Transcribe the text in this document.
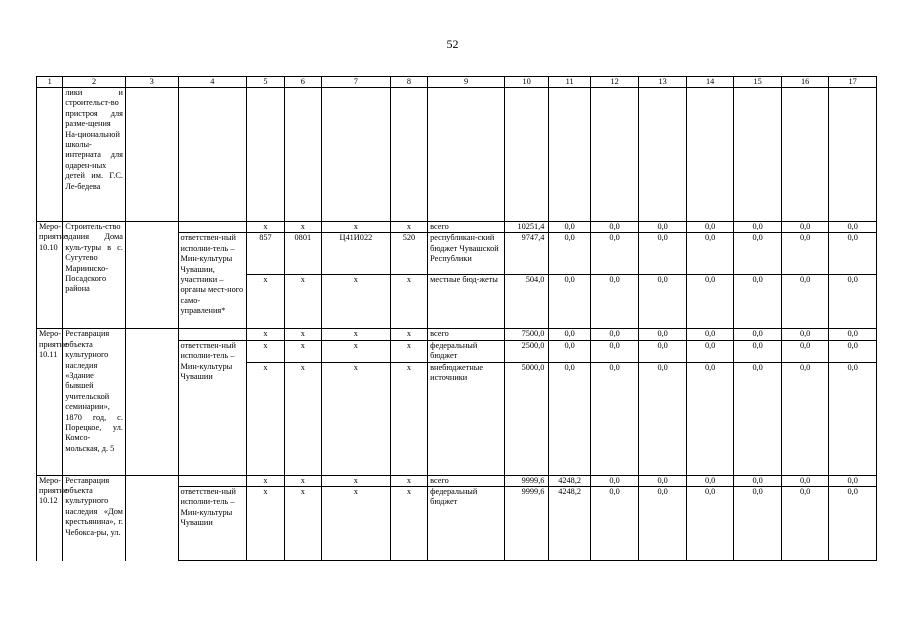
52
1	2	3	4	5	6	7	8	9	10	11	12	13	14	15	16	17
	лики и строительст-во пристроя для разме-щения На-циональной школы-интерната для одарен-ных детей им. Г.С. Ле-бедева															
Меро-приятие 10.10	Строитель-ство здания Дома куль-туры в с. Сугутево Мариинско-Посадского района			x	x	x	x	всего	10251,4	0,0	0,0	0,0	0,0	0,0	0,0	0,0
			ответствен-ный исполни-тель – Мин-культуры Чувашии, участники – органы мест-ного само-управления*	857	0801	Ц41И022	520	республикан-ский бюджет Чувашской Республики	9747,4	0,0	0,0	0,0	0,0	0,0	0,0	0,0
				x	x	x	x	местные бюд-жеты	504,0	0,0	0,0	0,0	0,0	0,0	0,0	0,0
Меро-приятие 10.11	Реставрация объекта культурного наследия «Здание бывшей учительской семинарии», 1870 год, с. Порецкое, ул. Комсо-мольская, д. 5			x	x	x	x	всего	7500,0	0,0	0,0	0,0	0,0	0,0	0,0	0,0
			ответствен-ный исполни-тель – Мин-культуры Чувашии	x	x	x	x	федеральный бюджет	2500,0	0,0	0,0	0,0	0,0	0,0	0,0	0,0
				x	x	x	x	внебюджетные источники	5000,0	0,0	0,0	0,0	0,0	0,0	0,0	0,0
Меро-приятие 10.12	Реставрация объекта культурного наследия «Дом крестьянина», г. Чебокса-ры, ул.			x	x	x	x	всего	9999,6	4248,2	0,0	0,0	0,0	0,0	0,0	0,0
			ответствен-ный исполни-тель – Мин-культуры Чувашии	x	x	x	x	федеральный бюджет	9999,6	4248,2	0,0	0,0	0,0	0,0	0,0	0,0
